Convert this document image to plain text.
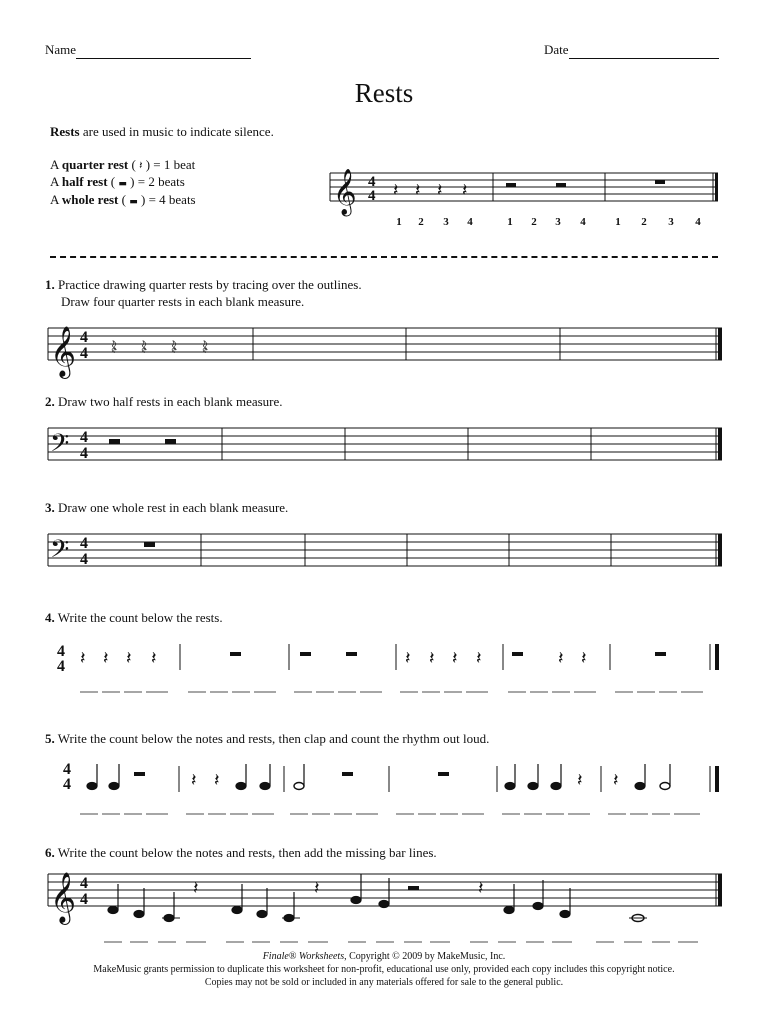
Name	Date
Rests
Rests are used in music to indicate silence.
A quarter rest ( 𝄽 ) = 1 beat
A half rest ( ▬ ) = 2 beats
A whole rest ( ▬ ) = 4 beats	𝄞 4
4 𝄽 𝄽 𝄽 𝄽
1 2 3 4	1 2 3 4	1 2 3 4
1. Practice drawing quarter rests by tracing over the outlines.
Draw four quarter rests in each blank measure.
𝄞 4
4 𝄽 𝄽 𝄽 𝄽
2. Draw two half rests in each blank measure.
𝄢 4
4
3. Draw one whole rest in each blank measure.
𝄢 4
4
4. Write the count below the rests.
4
4 𝄽 𝄽 𝄽 𝄽	𝄽 𝄽 𝄽 𝄽	𝄽 𝄽
5. Write the count below the notes and rests, then clap and count the rhythm out loud.
4
4	𝄽 𝄽	𝄽 𝄽
6. Write the count below the notes and rests, then add the missing bar lines.
𝄞 4
4
𝄽	𝄽	𝄽
Finale® Worksheets, Copyright © 2009 by MakeMusic, Inc.
MakeMusic grants permission to duplicate this worksheet for non-profit, educational use only, provided each copy includes this copyright notice.
Copies may not be sold or included in any materials offered for sale to the general public.
